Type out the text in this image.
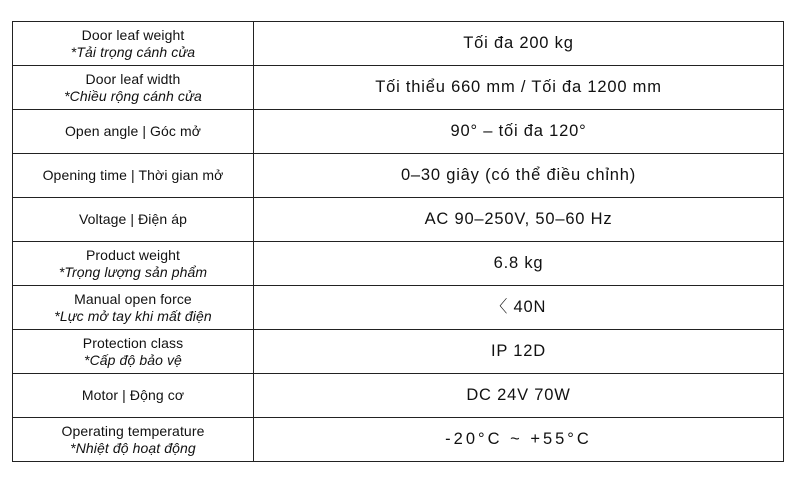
Door leaf weight
*Tải trọng cánh cửa	Tối đa 200 kg

Door leaf width
*Chiều rộng cánh cửa	Tối thiểu 660 mm / Tối đa 1200 mm

Open angle | Góc mở	90° – tối đa 120°

Opening time | Thời gian mở	0–30 giây (có thể điều chỉnh)

Voltage | Điện áp	AC 90–250V, 50–60 Hz

Product weight
*Trọng lượng sản phẩm	6.8 kg

Manual open force
*Lực mở tay khi mất điện	〈 40N

Protection class
*Cấp độ bảo vệ	IP 12D

Motor | Động cơ	DC 24V 70W

Operating temperature
*Nhiệt độ hoạt động	-20°C ~ +55°C
